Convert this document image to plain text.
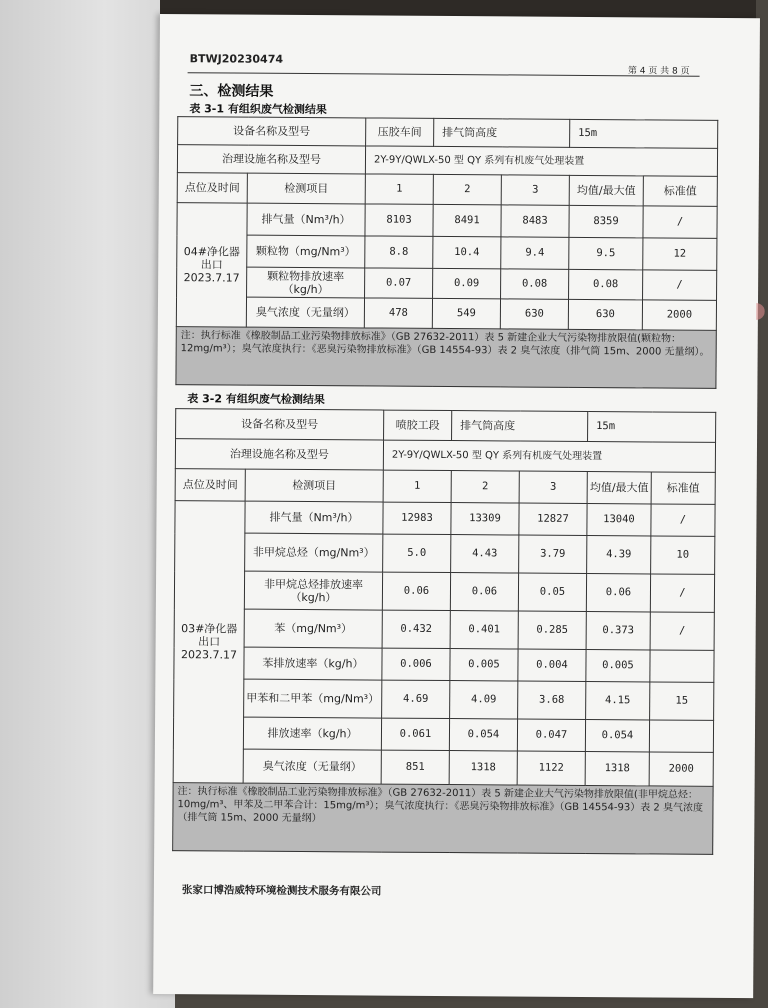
BTWJ20230474
第 4 页 共 8 页
三、检测结果
表 3-1 有组织废气检测结果
设备名称及型号		压胶车间	排气筒高度		15m	
治理设施名称及型号		2Y-9Y/QWLX-50 型 QY 系列有机废气处理装置				
点位及时间	检测项目	1	2	3	均值/最大值	标准值
04#净化器出口 2023.7.17	排气量（Nm³/h）	8103	8491	8483	8359	/
	颗粒物（mg/Nm³）	8.8	10.4	9.4	9.5	12
	颗粒物排放速率（kg/h）	0.07	0.09	0.08	0.08	/
	臭气浓度（无量纲）	478	549	630	630	2000
注：执行标准《橡胶制品工业污染物排放标准》（GB 27632-2011）表 5 新建企业大气污染物排放限值(颗粒物：12mg/m³）；臭气浓度执行：《恶臭污染物排放标准》（GB 14554-93）表 2 臭气浓度（排气筒 15m、2000 无量纲）。						
表 3-2 有组织废气检测结果
设备名称及型号		喷胶工段	排气筒高度		15m	
治理设施名称及型号		2Y-9Y/QWLX-50 型 QY 系列有机废气处理装置				
点位及时间	检测项目	1	2	3	均值/最大值	标准值
03#净化器出口 2023.7.17	排气量（Nm³/h）	12983	13309	12827	13040	/
	非甲烷总烃（mg/Nm³）	5.0	4.43	3.79	4.39	10
	非甲烷总烃排放速率（kg/h）	0.06	0.06	0.05	0.06	/
	苯（mg/Nm³）	0.432	0.401	0.285	0.373	/
	苯排放速率（kg/h）	0.006	0.005	0.004	0.005	
	甲苯和二甲苯（mg/Nm³）	4.69	4.09	3.68	4.15	15
	排放速率（kg/h）	0.061	0.054	0.047	0.054	
	臭气浓度（无量纲）	851	1318	1122	1318	2000
注：执行标准《橡胶制品工业污染物排放标准》（GB 27632-2011）表 5 新建企业大气污染物排放限值(非甲烷总烃：10mg/m³、甲苯及二甲苯合计：15mg/m³）；臭气浓度执行：《恶臭污染物排放标准》（GB 14554-93）表 2 臭气浓度（排气筒 15m、2000 无量纲）						
张家口博浩威特环境检测技术服务有限公司
◗
